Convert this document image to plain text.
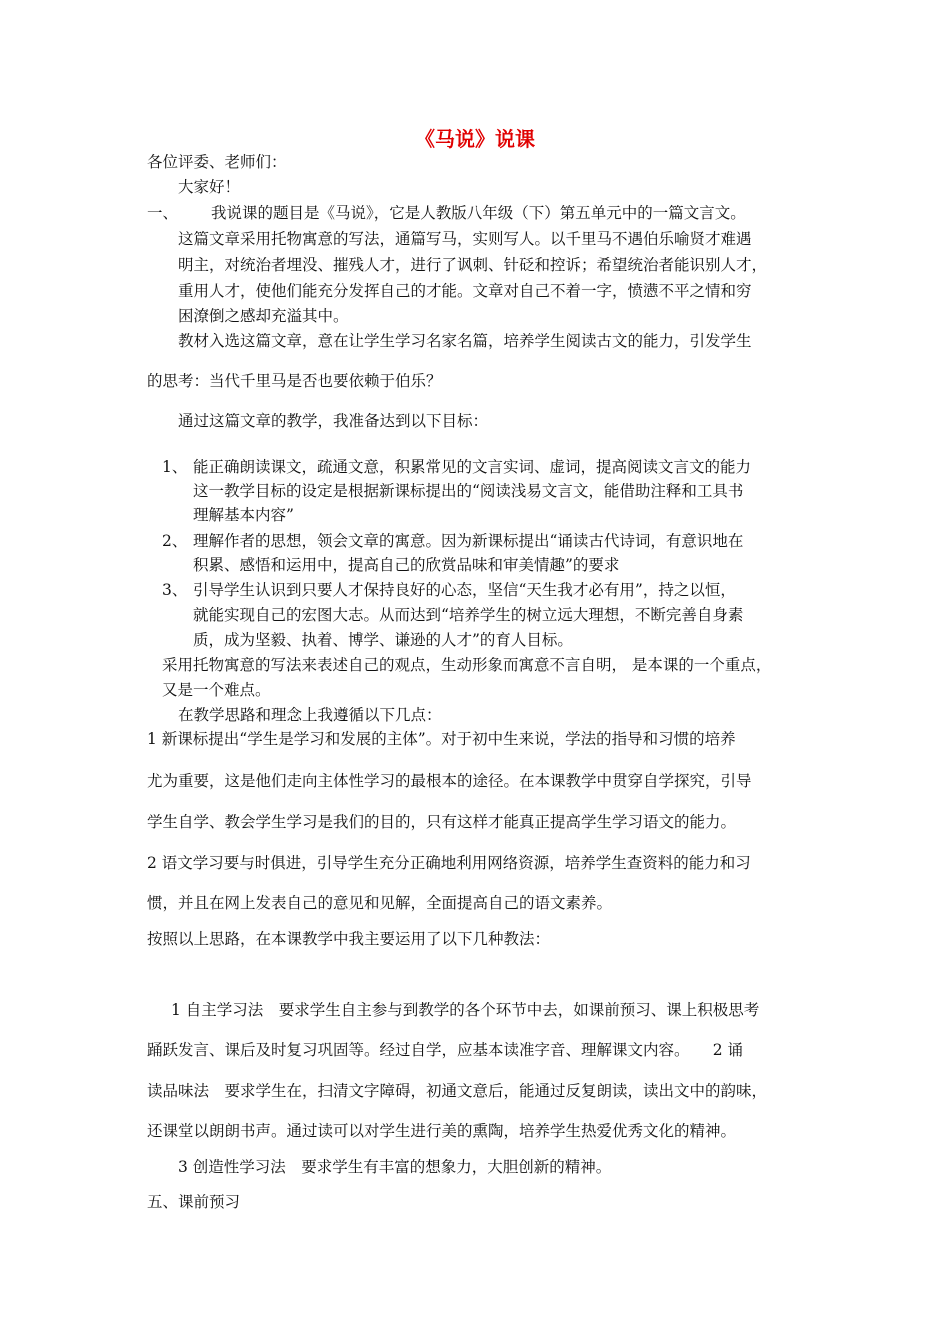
《马说》说课
各位评委、老师们：
大家好！
一、 我说课的题目是《马说》，它是人教版八年级（下）第五单元中的一篇文言文。
这篇文章采用托物寓意的写法，通篇写马，实则写人。以千里马不遇伯乐喻贤才难遇
明主，对统治者埋没、摧残人才，进行了讽刺、针砭和控诉；希望统治者能识别人才，
重用人才，使他们能充分发挥自己的才能。文章对自己不着一字，愤懑不平之情和穷
困潦倒之感却充溢其中。
教材入选这篇文章，意在让学生学习名家名篇，培养学生阅读古文的能力，引发学生
的思考：当代千里马是否也要依赖于伯乐？
通过这篇文章的教学，我准备达到以下目标：
1、 能正确朗读课文，疏通文意，积累常见的文言实词、虚词，提高阅读文言文的能力
这一教学目标的设定是根据新课标提出的“阅读浅易文言文，能借助注释和工具书
理解基本内容”
2、 理解作者的思想，领会文章的寓意。因为新课标提出“诵读古代诗词，有意识地在
积累、感悟和运用中，提高自己的欣赏品味和审美情趣”的要求
3、 引导学生认识到只要人才保持良好的心态，坚信“天生我才必有用”，持之以恒，
就能实现自己的宏图大志。从而达到“培养学生的树立远大理想，不断完善自身素
质，成为坚毅、执着、博学、谦逊的人才”的育人目标。
采用托物寓意的写法来表述自己的观点，生动形象而寓意不言自明， 是本课的一个重点，
又是一个难点。
在教学思路和理念上我遵循以下几点：
1 新课标提出“学生是学习和发展的主体”。对于初中生来说，学法的指导和习惯的培养
尤为重要，这是他们走向主体性学习的最根本的途径。在本课教学中贯穿自学探究，引导
学生自学、教会学生学习是我们的目的，只有这样才能真正提高学生学习语文的能力。
2 语文学习要与时俱进，引导学生充分正确地利用网络资源，培养学生查资料的能力和习
惯，并且在网上发表自己的意见和见解，全面提高自己的语文素养。
按照以上思路，在本课教学中我主要运用了以下几种教法：
1 自主学习法　要求学生自主参与到教学的各个环节中去，如课前预习、课上积极思考
踊跃发言、课后及时复习巩固等。经过自学，应基本读准字音、理解课文内容。　　2 诵
读品味法　要求学生在，扫清文字障碍，初通文意后，能通过反复朗读，读出文中的韵味，
还课堂以朗朗书声。通过读可以对学生进行美的熏陶，培养学生热爱优秀文化的精神。
3 创造性学习法　要求学生有丰富的想象力，大胆创新的精神。
五、课前预习
